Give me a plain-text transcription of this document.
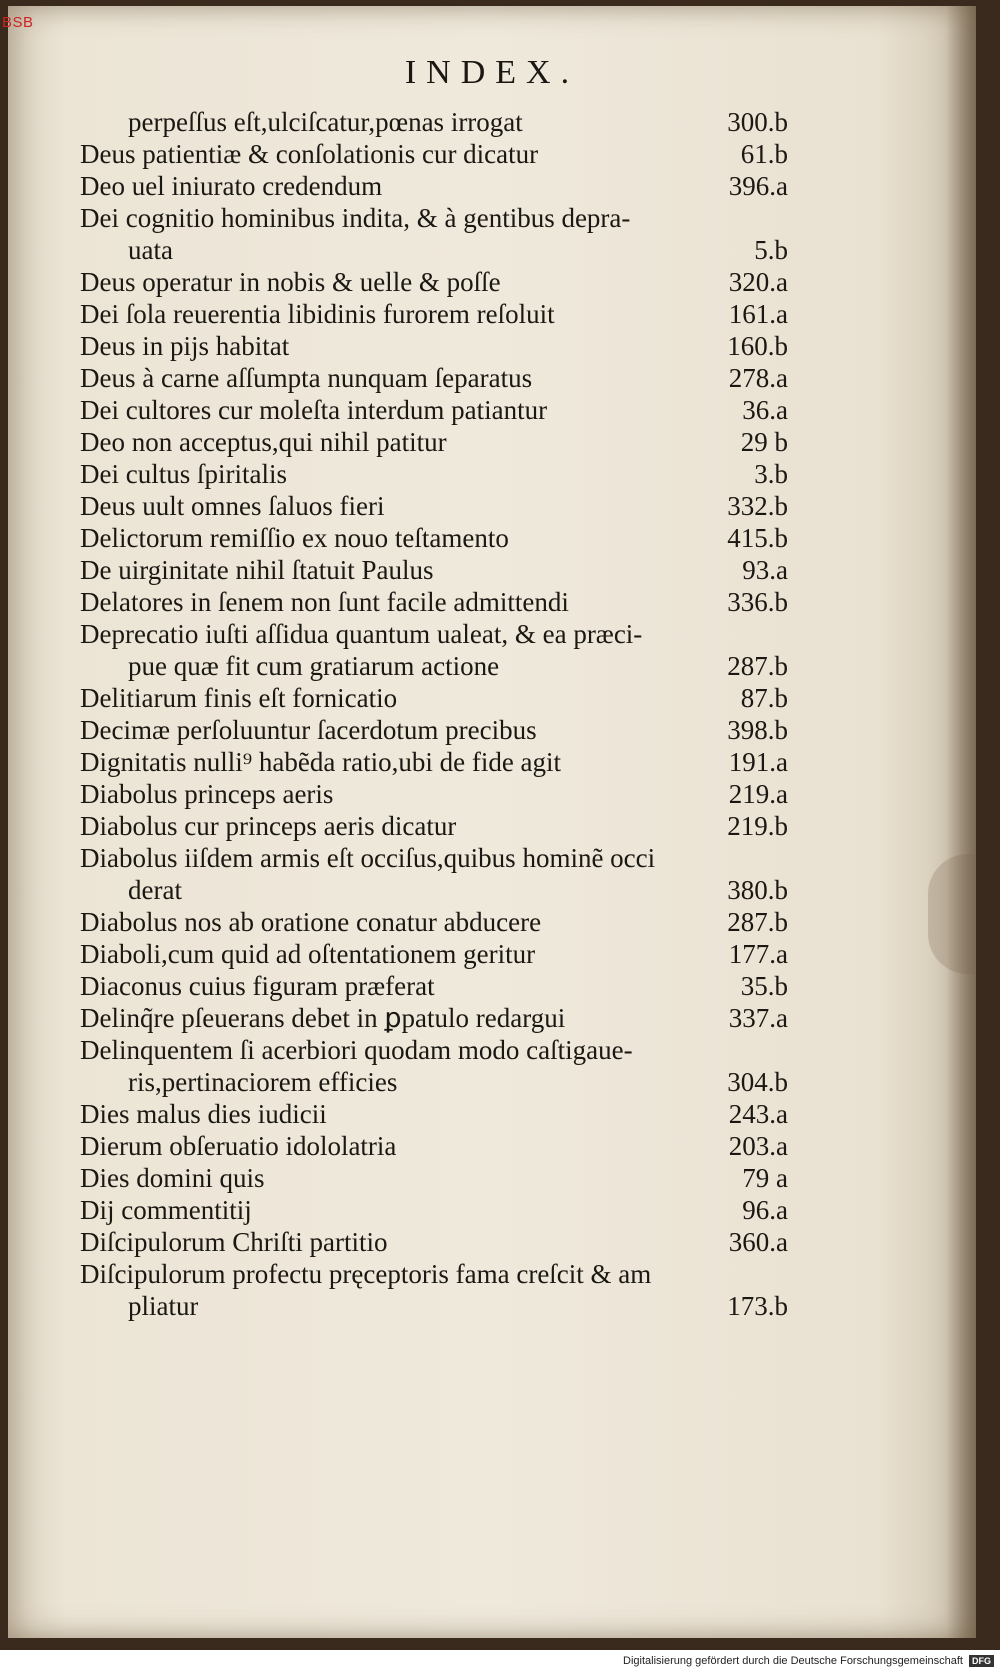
INDEX.
perpeſſus eſt,ulciſcatur,pœnas irrogat	300.b
Deus patientiæ & conſolationis cur dicatur	61.b
Deo uel iniurato credendum	396.a
Dei cognitio hominibus indita, & à gentibus depra-
uata	5.b
Deus operatur in nobis & uelle & poſſe	320.a
Dei ſola reuerentia libidinis furorem reſoluit	161.a
Deus in pijs habitat	160.b
Deus à carne aſſumpta nunquam ſeparatus	278.a
Dei cultores cur moleſta interdum patiantur	36.a
Deo non acceptus,qui nihil patitur	29 b
Dei cultus ſpiritalis	3.b
Deus uult omnes ſaluos fieri	332.b
Delictorum remiſſio ex nouo teſtamento	415.b
De uirginitate nihil ſtatuit Paulus	93.a
Delatores in ſenem non ſunt facile admittendi	336.b
Deprecatio iuſti aſſidua quantum ualeat, & ea præci-
pue quæ fit cum gratiarum actione	287.b
Delitiarum finis eſt fornicatio	87.b
Decimæ perſoluuntur ſacerdotum precibus	398.b
Dignitatis nulli⁹ habẽda ratio,ubi de fide agit	191.a
Diabolus princeps aeris	219.a
Diabolus cur princeps aeris dicatur	219.b
Diabolus iiſdem armis eſt occiſus,quibus hominẽ occi
derat	380.b
Diabolus nos ab oratione conatur abducere	287.b
Diaboli,cum quid ad oſtentationem geritur	177.a
Diaconus cuius figuram præferat	35.b
Delinq̃re pſeuerans debet in ꝑpatulo redargui	337.a
Delinquentem ſi acerbiori quodam modo caſtigaue-
ris,pertinaciorem efficies	304.b
Dies malus dies iudicii	243.a
Dierum obſeruatio idololatria	203.a
Dies domini quis	79 a
Dij commentitij	96.a
Diſcipulorum Chriſti partitio	360.a
Diſcipulorum profectu pręceptoris fama creſcit & am
pliatur	173.b
BSB
Digitalisierung gefördert durch die Deutsche Forschungsgemeinschaft	DFG
